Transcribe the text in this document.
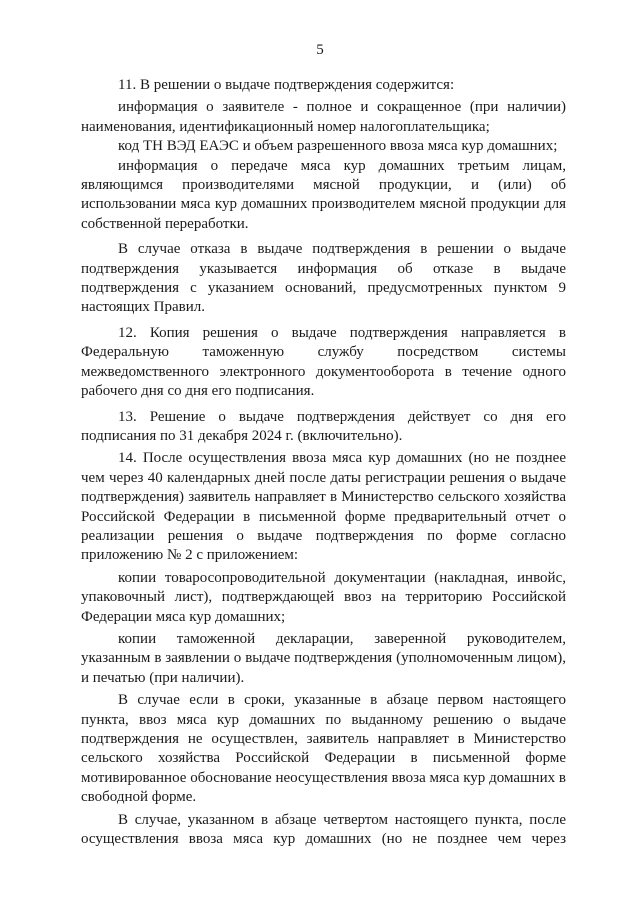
5

11. В решении о выдаче подтверждения содержится:

информация о заявителе - полное и сокращенное (при наличии) наименования, идентификационный номер налогоплательщика;

код ТН ВЭД ЕАЭС и объем разрешенного ввоза мяса кур домашних;

информация о передаче мяса кур домашних третьим лицам, являющимся производителями мясной продукции, и (или) об использовании мяса кур домашних производителем мясной продукции для собственной переработки.

В случае отказа в выдаче подтверждения в решении о выдаче подтверждения указывается информация об отказе в выдаче подтверждения с указанием оснований, предусмотренных пунктом 9 настоящих Правил.

12. Копия решения о выдаче подтверждения направляется в Федеральную таможенную службу посредством системы межведомственного электронного документооборота в течение одного рабочего дня со дня его подписания.

13. Решение о выдаче подтверждения действует со дня его подписания по 31 декабря 2024 г. (включительно).

14. После осуществления ввоза мяса кур домашних (но не позднее чем через 40 календарных дней после даты регистрации решения о выдаче подтверждения) заявитель направляет в Министерство сельского хозяйства Российской Федерации в письменной форме предварительный отчет о реализации решения о выдаче подтверждения по форме согласно приложению № 2 с приложением:

копии товаросопроводительной документации (накладная, инвойс, упаковочный лист), подтверждающей ввоз на территорию Российской Федерации мяса кур домашних;

копии таможенной декларации, заверенной руководителем, указанным в заявлении о выдаче подтверждения (уполномоченным лицом), и печатью (при наличии).

В случае если в сроки, указанные в абзаце первом настоящего пункта, ввоз мяса кур домашних по выданному решению о выдаче подтверждения не осуществлен, заявитель направляет в Министерство сельского хозяйства Российской Федерации в письменной форме мотивированное обоснование неосуществления ввоза мяса кур домашних в свободной форме.

В случае, указанном в абзаце четвертом настоящего пункта, после осуществления ввоза мяса кур домашних (но не позднее чем через
